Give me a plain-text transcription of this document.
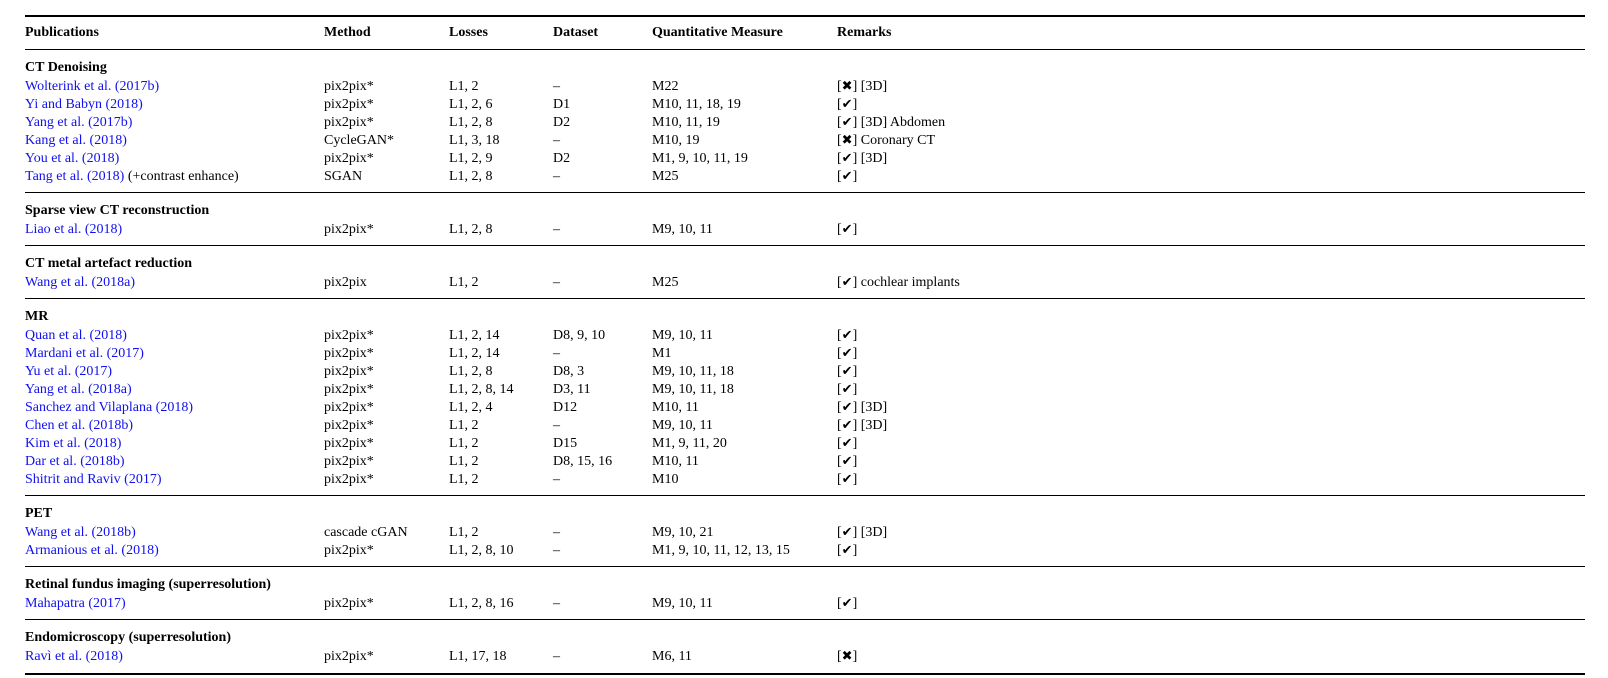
Publications	Method	Losses	Dataset	Quantitative Measure	Remarks
CT Denoising
Wolterink et al. (2017b)	pix2pix*	L1, 2	–	M22	[✖] [3D]
Yi and Babyn (2018)	pix2pix*	L1, 2, 6	D1	M10, 11, 18, 19	[✔]
Yang et al. (2017b)	pix2pix*	L1, 2, 8	D2	M10, 11, 19	[✔] [3D] Abdomen
Kang et al. (2018)	CycleGAN*	L1, 3, 18	–	M10, 19	[✖] Coronary CT
You et al. (2018)	pix2pix*	L1, 2, 9	D2	M1, 9, 10, 11, 19	[✔] [3D]
Tang et al. (2018) (+contrast enhance)	SGAN	L1, 2, 8	–	M25	[✔]
Sparse view CT reconstruction
Liao et al. (2018)	pix2pix*	L1, 2, 8	–	M9, 10, 11	[✔]
CT metal artefact reduction
Wang et al. (2018a)	pix2pix	L1, 2	–	M25	[✔] cochlear implants
MR
Quan et al. (2018)	pix2pix*	L1, 2, 14	D8, 9, 10	M9, 10, 11	[✔]
Mardani et al. (2017)	pix2pix*	L1, 2, 14	–	M1	[✔]
Yu et al. (2017)	pix2pix*	L1, 2, 8	D8, 3	M9, 10, 11, 18	[✔]
Yang et al. (2018a)	pix2pix*	L1, 2, 8, 14	D3, 11	M9, 10, 11, 18	[✔]
Sanchez and Vilaplana (2018)	pix2pix*	L1, 2, 4	D12	M10, 11	[✔] [3D]
Chen et al. (2018b)	pix2pix*	L1, 2	–	M9, 10, 11	[✔] [3D]
Kim et al. (2018)	pix2pix*	L1, 2	D15	M1, 9, 11, 20	[✔]
Dar et al. (2018b)	pix2pix*	L1, 2	D8, 15, 16	M10, 11	[✔]
Shitrit and Raviv (2017)	pix2pix*	L1, 2	–	M10	[✔]
PET
Wang et al. (2018b)	cascade cGAN	L1, 2	–	M9, 10, 21	[✔] [3D]
Armanious et al. (2018)	pix2pix*	L1, 2, 8, 10	–	M1, 9, 10, 11, 12, 13, 15	[✔]
Retinal fundus imaging (superresolution)
Mahapatra (2017)	pix2pix*	L1, 2, 8, 16	–	M9, 10, 11	[✔]
Endomicroscopy (superresolution)
Ravì et al. (2018)	pix2pix*	L1, 17, 18	–	M6, 11	[✖]
